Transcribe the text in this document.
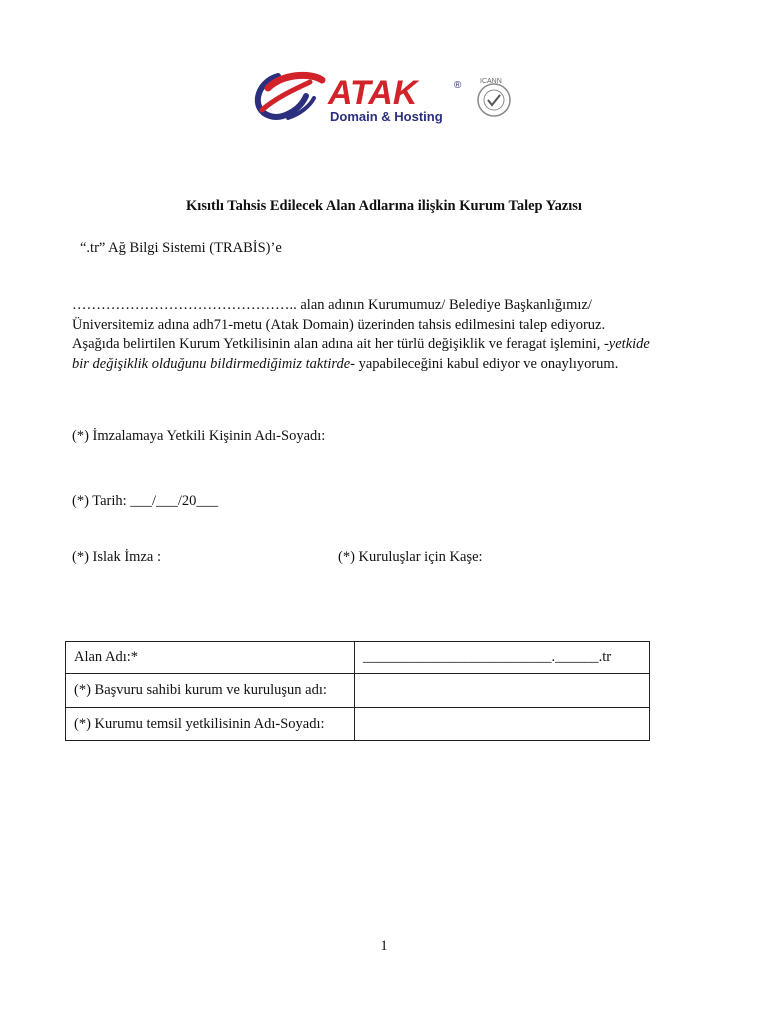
ATAK	®
Domain & Hosting
ICANN
Kısıtlı Tahsis Edilecek Alan Adlarına ilişkin Kurum Talep Yazısı
“.tr” Ağ Bilgi Sistemi (TRABİS)’e
……………………………………….. alan adının Kurumumuz/ Belediye Başkanlığımız/
Üniversitemiz adına adh71-metu (Atak Domain) üzerinden tahsis edilmesini talep ediyoruz.
Aşağıda belirtilen Kurum Yetkilisinin alan adına ait her türlü değişiklik ve feragat işlemini, -yetkide
bir değişiklik olduğunu bildirmediğimiz taktirde- yapabileceğini kabul ediyor ve onaylıyorum.
(*) İmzalamaya Yetkili Kişinin Adı-Soyadı:
(*) Tarih: ___/___/20___
(*) Islak İmza :	(*) Kuruluşlar için Kaşe:
Alan Adı:*	__________________________.______.tr
(*) Başvuru sahibi kurum ve kuruluşun adı:	
(*) Kurumu temsil yetkilisinin Adı-Soyadı:	
1
